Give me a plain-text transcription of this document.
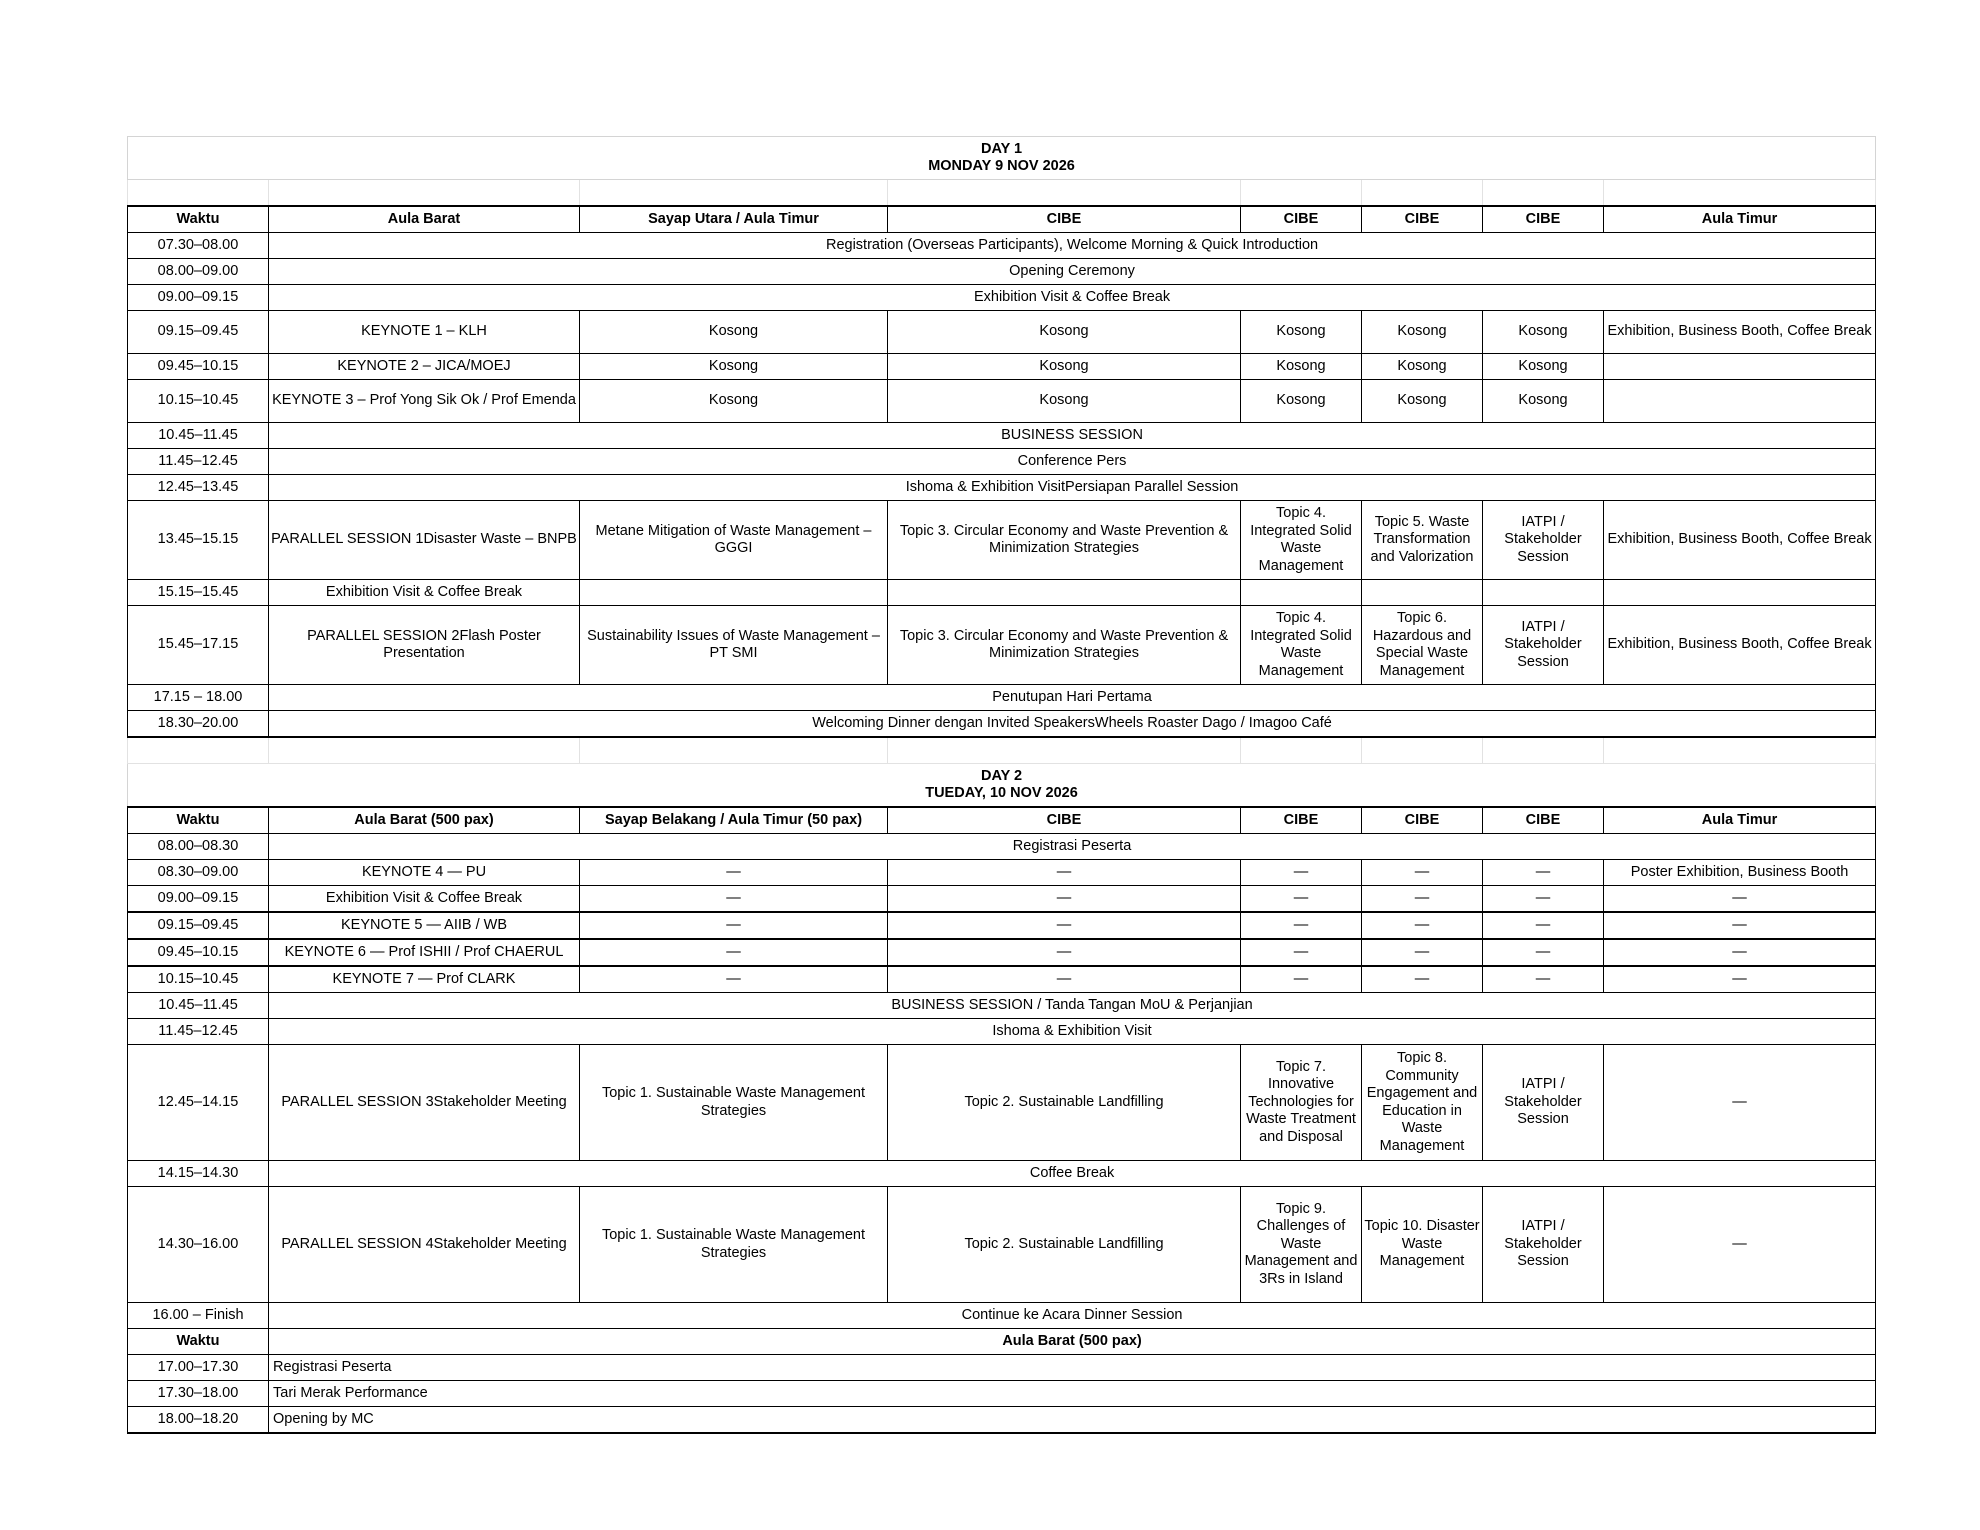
DAY 1
MONDAY 9 NOV 2026							

Waktu	Aula Barat	Sayap Utara / Aula Timur	CIBE	CIBE	CIBE	CIBE	Aula Timur
07.30–08.00	Registration (Overseas Participants), Welcome Morning & Quick Introduction						
08.00–09.00	Opening Ceremony						
09.00–09.15	Exhibition Visit & Coffee Break						
09.15–09.45	KEYNOTE 1 – KLH	Kosong	Kosong	Kosong	Kosong	Kosong	Exhibition, Business Booth, Coffee Break
09.45–10.15	KEYNOTE 2 – JICA/MOEJ	Kosong	Kosong	Kosong	Kosong	Kosong	
10.15–10.45	KEYNOTE 3 – Prof Yong Sik Ok / Prof Emenda	Kosong	Kosong	Kosong	Kosong	Kosong	
10.45–11.45	BUSINESS SESSION						
11.45–12.45	Conference Pers						
12.45–13.45	Ishoma & Exhibition VisitPersiapan Parallel Session						
13.45–15.15	PARALLEL SESSION 1Disaster Waste – BNPB	Metane Mitigation of Waste Management – GGGI	Topic 3. Circular Economy and Waste Prevention & Minimization Strategies	Topic 4. Integrated Solid Waste Management	Topic 5. Waste Transformation and Valorization	IATPI / Stakeholder Session	Exhibition, Business Booth, Coffee Break
15.15–15.45	Exhibition Visit & Coffee Break						
15.45–17.15	PARALLEL SESSION 2Flash Poster Presentation	Sustainability Issues of Waste Management – PT SMI	Topic 3. Circular Economy and Waste Prevention & Minimization Strategies	Topic 4. Integrated Solid Waste Management	Topic 6. Hazardous and Special Waste Management	IATPI / Stakeholder Session	Exhibition, Business Booth, Coffee Break
17.15 – 18.00	Penutupan Hari Pertama						
18.30–20.00	Welcoming Dinner dengan Invited SpeakersWheels Roaster Dago / Imagoo Café						

DAY 2
TUEDAY, 10 NOV 2026							

Waktu	Aula Barat (500 pax)	Sayap Belakang / Aula Timur (50 pax)	CIBE	CIBE	CIBE	CIBE	Aula Timur
08.00–08.30	Registrasi Peserta						
08.30–09.00	KEYNOTE 4 — PU	—	—	—	—	—	Poster Exhibition, Business Booth
09.00–09.15	Exhibition Visit & Coffee Break	—	—	—	—	—	—
09.15–09.45	KEYNOTE 5 — AIIB / WB	—	—	—	—	—	—
09.45–10.15	KEYNOTE 6 — Prof ISHII / Prof CHAERUL	—	—	—	—	—	—
10.15–10.45	KEYNOTE 7 — Prof CLARK	—	—	—	—	—	—
10.45–11.45	BUSINESS SESSION / Tanda Tangan MoU & Perjanjian						
11.45–12.45	Ishoma & Exhibition Visit						
12.45–14.15	PARALLEL SESSION 3Stakeholder Meeting	Topic 1. Sustainable Waste Management Strategies	Topic 2. Sustainable Landfilling	Topic 7. Innovative Technologies for Waste Treatment and Disposal	Topic 8. Community Engagement and Education in Waste Management	IATPI / Stakeholder Session	—
14.15–14.30	Coffee Break						
14.30–16.00	PARALLEL SESSION 4Stakeholder Meeting	Topic 1. Sustainable Waste Management Strategies	Topic 2. Sustainable Landfilling	Topic 9. Challenges of Waste Management and 3Rs in Island	Topic 10. Disaster Waste Management	IATPI / Stakeholder Session	—
16.00 – Finish	Continue ke Acara Dinner Session						
Waktu	Aula Barat (500 pax)						
17.00–17.30	Registrasi Peserta						
17.30–18.00	Tari Merak Performance						
18.00–18.20	Opening by MC						
